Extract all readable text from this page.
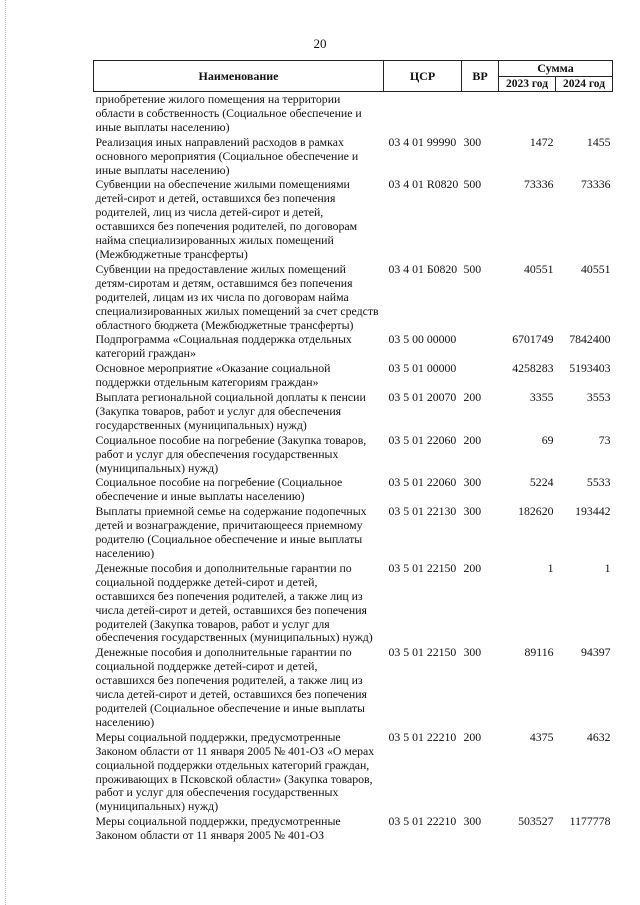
20
Наименование	ЦСР	ВР	Сумма	
			2023 год	2024 год
приобретение жилого помещения на территории области в собственность (Социальное обеспечение и иные выплаты населению)				
Реализация иных направлений расходов в рамках основного мероприятия (Социальное обеспечение и иные выплаты населению)	03 4 01 99990	300	1472	1455
Субвенции на обеспечение жилыми помещениями детей-сирот и детей, оставшихся без попечения родителей, лиц из числа детей-сирот и детей, оставшихся без попечения родителей, по договорам найма специализированных жилых помещений (Межбюджетные трансферты)	03 4 01 R0820	500	73336	73336
Субвенции на предоставление жилых помещений детям-сиротам и детям, оставшимся без попечения родителей, лицам из их числа по договорам найма специализированных жилых помещений за счет средств областного бюджета (Межбюджетные трансферты)	03 4 01 Б0820	500	40551	40551
Подпрограмма «Социальная поддержка отдельных категорий граждан»	03 5 00 00000		6701749	7842400
Основное мероприятие «Оказание социальной поддержки отдельным категориям граждан»	03 5 01 00000		4258283	5193403
Выплата региональной социальной доплаты к пенсии (Закупка товаров, работ и услуг для обеспечения государственных (муниципальных) нужд)	03 5 01 20070	200	3355	3553
Социальное пособие на погребение (Закупка товаров, работ и услуг для обеспечения государственных (муниципальных) нужд)	03 5 01 22060	200	69	73
Социальное пособие на погребение (Социальное обеспечение и иные выплаты населению)	03 5 01 22060	300	5224	5533
Выплаты приемной семье на содержание подопечных детей и вознаграждение, причитающееся приемному родителю (Социальное обеспечение и иные выплаты населению)	03 5 01 22130	300	182620	193442
Денежные пособия и дополнительные гарантии по социальной поддержке детей-сирот и детей, оставшихся без попечения родителей, а также лиц из числа детей-сирот и детей, оставшихся без попечения родителей (Закупка товаров, работ и услуг для обеспечения государственных (муниципальных) нужд)	03 5 01 22150	200	1	1
Денежные пособия и дополнительные гарантии по социальной поддержке детей-сирот и детей, оставшихся без попечения родителей, а также лиц из числа детей-сирот и детей, оставшихся без попечения родителей (Социальное обеспечение и иные выплаты населению)	03 5 01 22150	300	89116	94397
Меры социальной поддержки, предусмотренные Законом области от 11 января 2005 № 401-ОЗ «О мерах социальной поддержки отдельных категорий граждан, проживающих в Псковской области» (Закупка товаров, работ и услуг для обеспечения государственных (муниципальных) нужд)	03 5 01 22210	200	4375	4632
Меры социальной поддержки, предусмотренные Законом области от 11 января 2005 № 401-ОЗ	03 5 01 22210	300	503527	1177778
